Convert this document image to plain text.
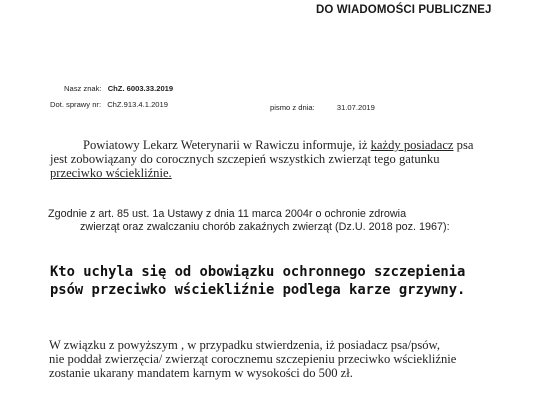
DO WIADOMOŚCI PUBLICZNEJ
Nasz znak: ChZ. 6003.33.2019
Dot. sprawy nr: ChZ.913.4.1.2019	pismo z dnia:	31.07.2019
Powiatowy Lekarz Weterynarii w Rawiczu informuje, iż każdy posiadacz psa
jest zobowiązany do corocznych szczepień wszystkich zwierząt tego gatunku
przeciwko wściekliźnie.
Zgodnie z art. 85 ust. 1a Ustawy z dnia 11 marca 2004r o ochronie zdrowia
zwierząt oraz zwalczaniu chorób zakaźnych zwierząt (Dz.U. 2018 poz. 1967):
Kto uchyla się od obowiązku ochronnego szczepienia
psów przeciwko wściekliźnie podlega karze grzywny.
W związku z powyższym , w przypadku stwierdzenia, iż posiadacz psa/psów,
nie poddał zwierzęcia/ zwierząt corocznemu szczepieniu przeciwko wściekliźnie
zostanie ukarany mandatem karnym w wysokości do 500 zł.
